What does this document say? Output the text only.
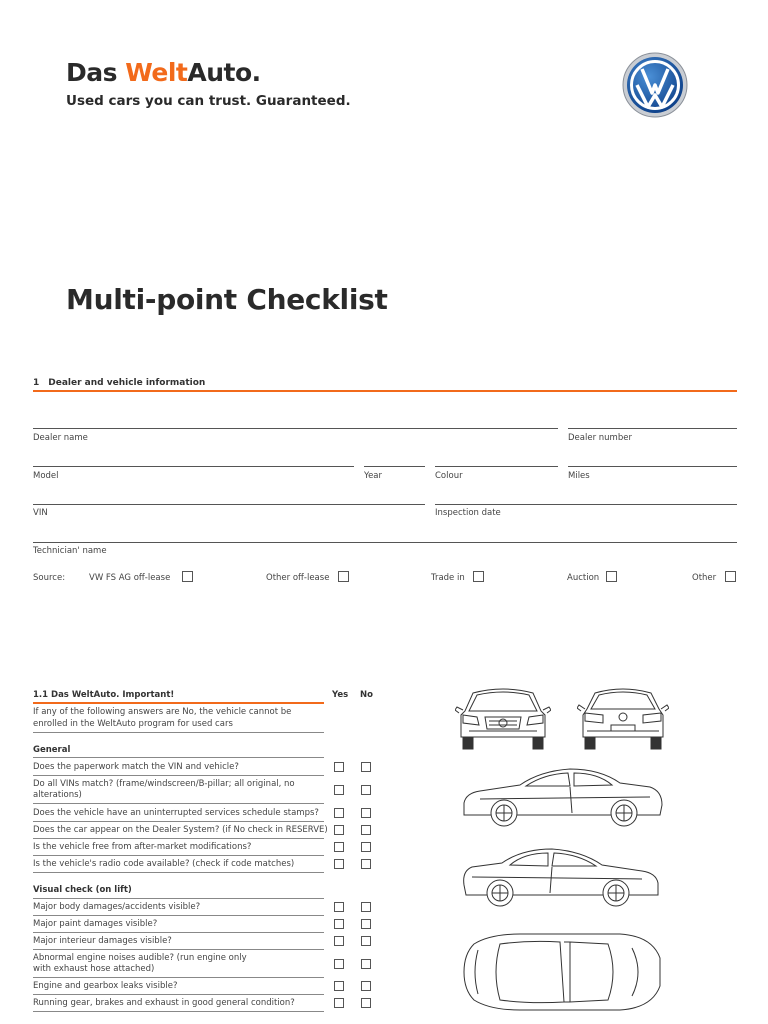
Das WeltAuto.
Used cars you can trust. Guaranteed.
Multi-point Checklist
1 Dealer and vehicle information
Dealer name	Dealer number
Model	Year	Colour	Miles
VIN	Inspection date
Technician' name
Source:	VW FS AG off-lease	Other off-lease	Trade in	Auction	Other
1.1 Das WeltAuto. Important!	Yes No
If any of the following answers are No, the vehicle cannot be enrolled in the WeltAuto program for used cars
General
Does the paperwork match the VIN and vehicle?
Do all VINs match? (frame/windscreen/B-pillar; all original, no alterations)
Does the vehicle have an uninterrupted services schedule stamps?
Does the car appear on the Dealer System? (if No check in RESERVE)
Is the vehicle free from after-market modifications?
Is the vehicle's radio code available? (check if code matches)
Visual check (on lift)
Major body damages/accidents visible?
Major paint damages visible?
Major interieur damages visible?
Abnormal engine noises audible? (run engine only with exhaust hose attached)
Engine and gearbox leaks visible?
Running gear, brakes and exhaust in good general condition?
